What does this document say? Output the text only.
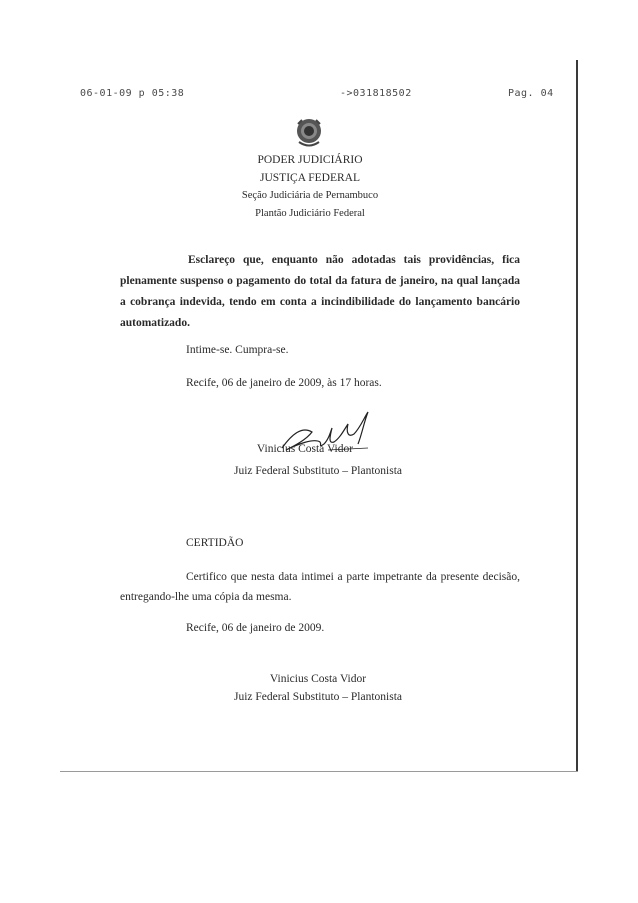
06-01-09 p 05:38	->031818502	Pag. 04
PODER JUDICIÁRIO
JUSTIÇA FEDERAL
Seção Judiciária de Pernambuco
Plantão Judiciário Federal
Esclareço que, enquanto não adotadas tais providências, fica plenamente suspenso o pagamento do total da fatura de janeiro, na qual lançada a cobrança indevida, tendo em conta a incindibilidade do lançamento bancário automatizado.
Intime-se. Cumpra-se.
Recife, 06 de janeiro de 2009, às 17 horas.
Vinicius Costa Vidor
Juiz Federal Substituto – Plantonista
CERTIDÃO
Certifico que nesta data intimei a parte impetrante da presente decisão, entregando-lhe uma cópia da mesma.
Recife, 06 de janeiro de 2009.
Vinicius Costa Vidor
Juiz Federal Substituto – Plantonista
